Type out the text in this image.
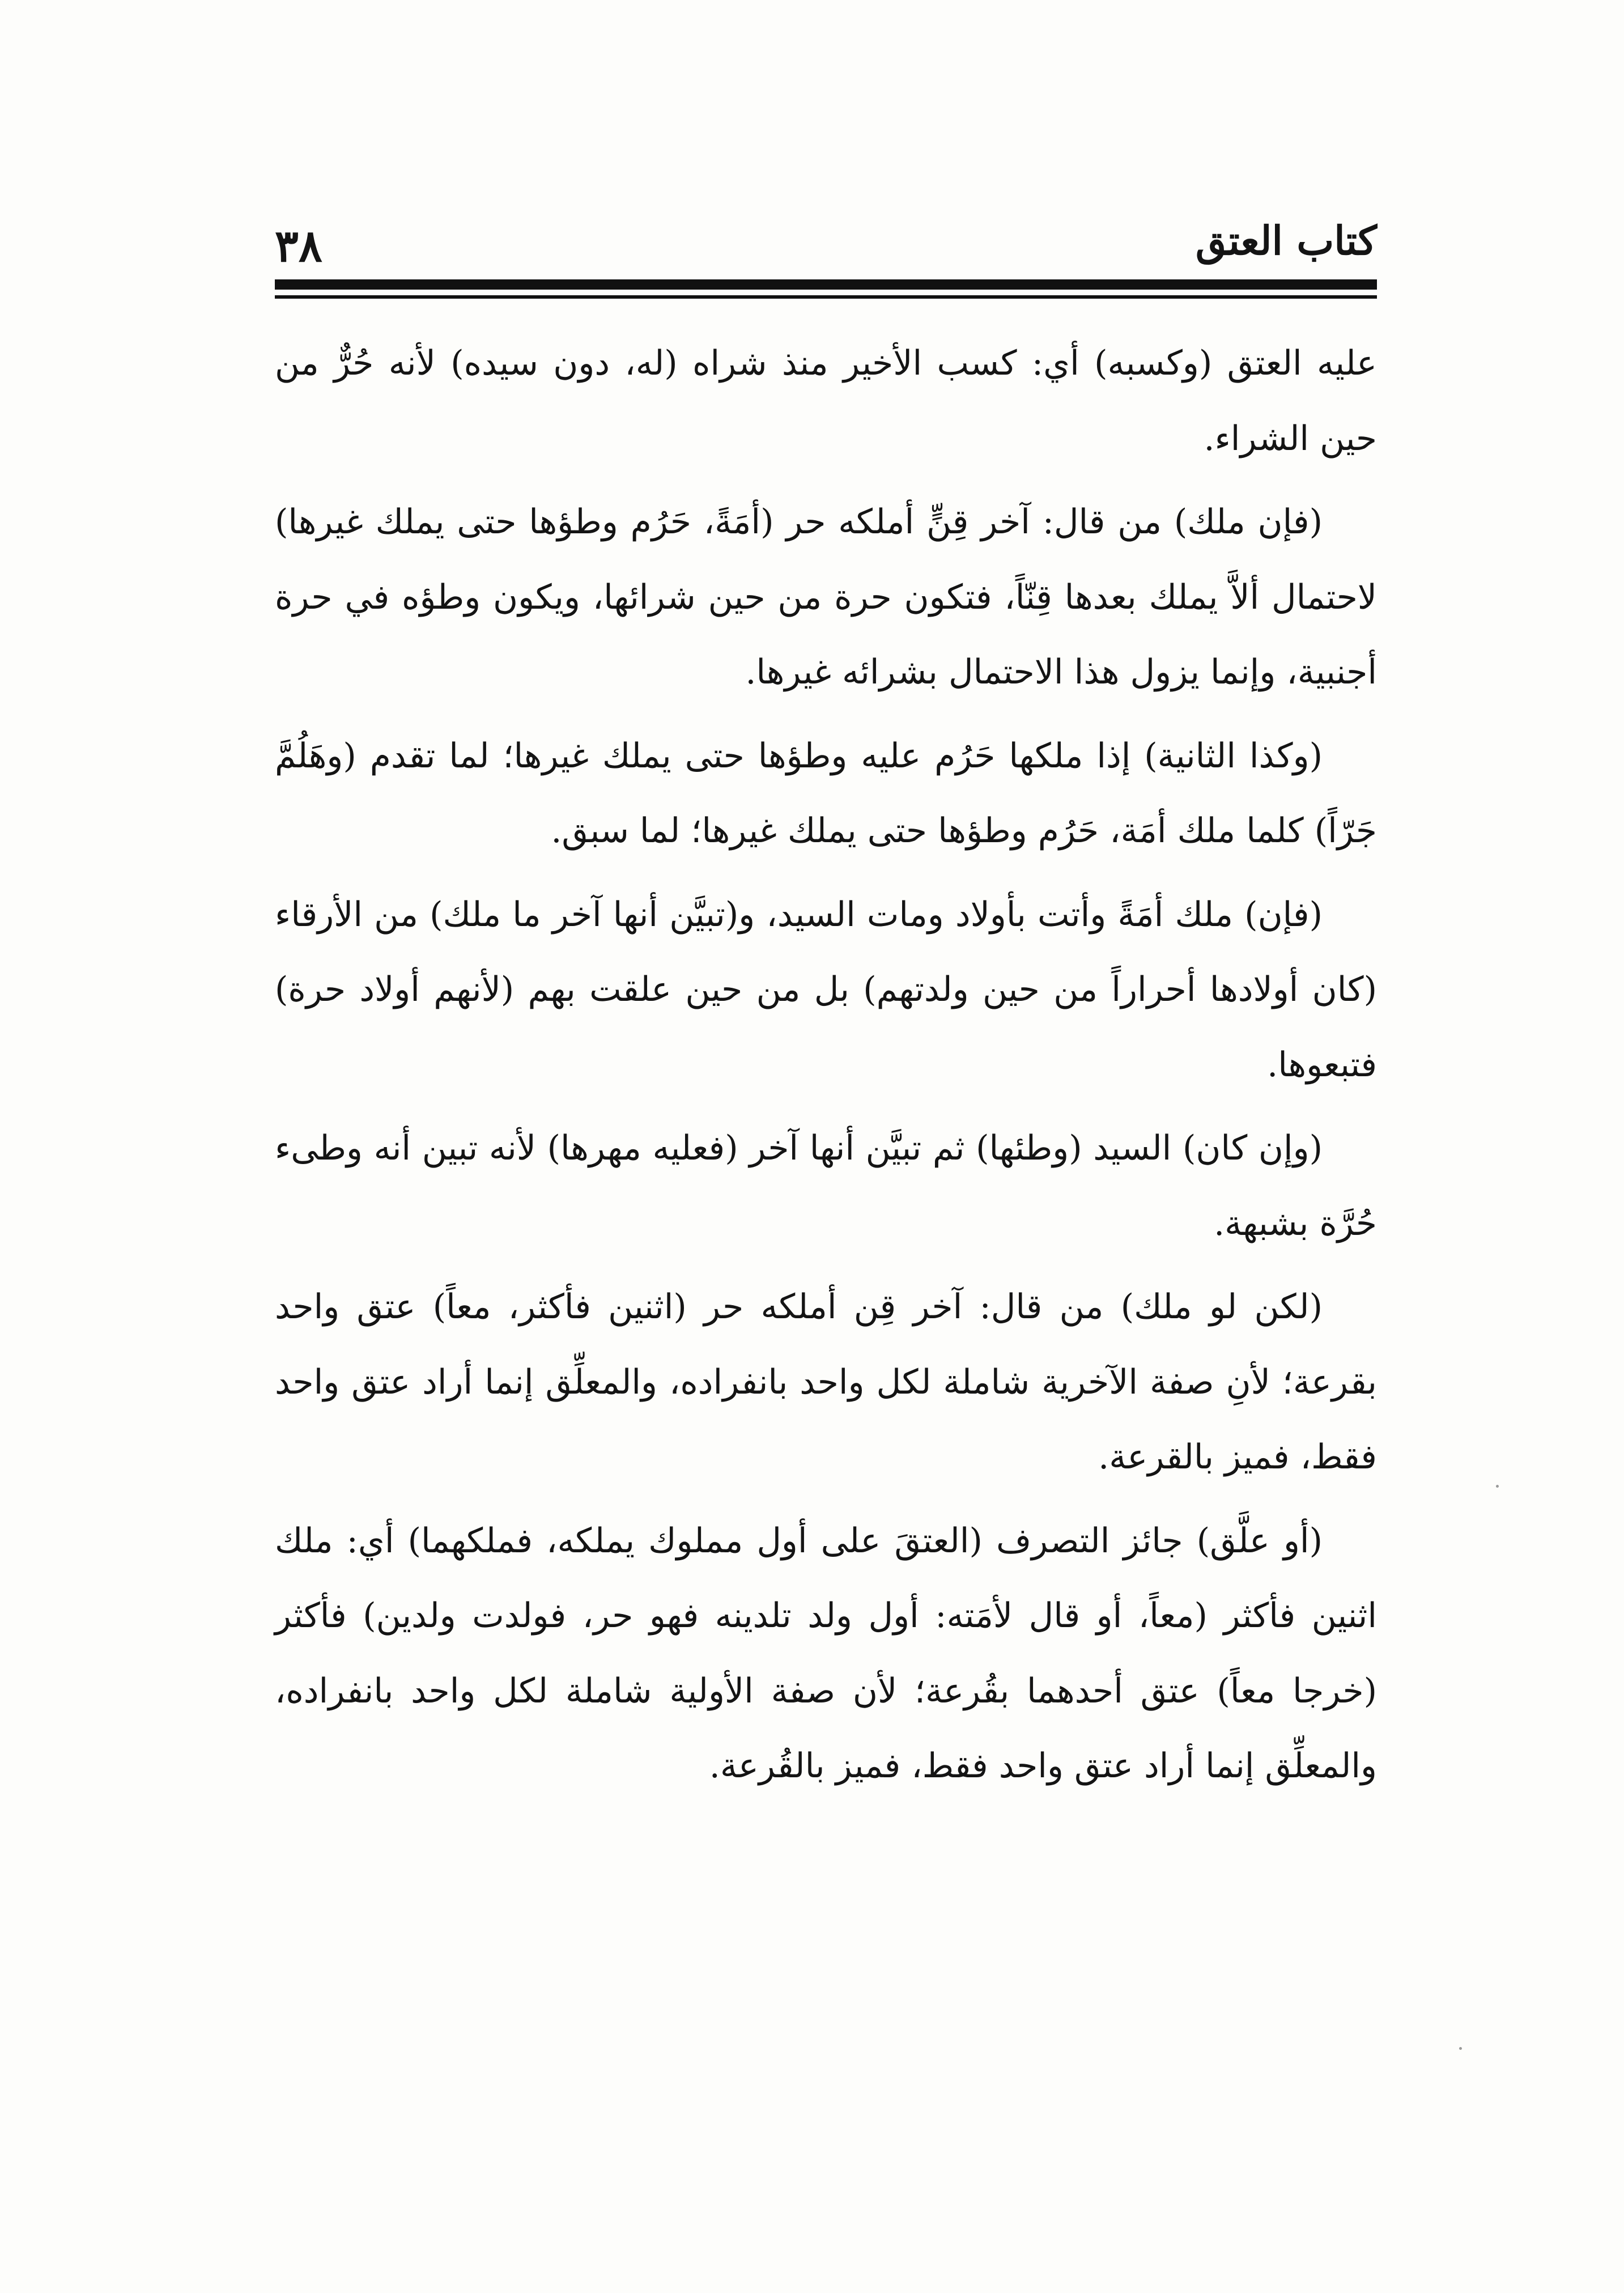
كتاب العتق
٣٨

عليه العتق (وكسبه) أي: كسب الأخير منذ شراه (له، دون سيده) لأنه حُرٌّ من حين الشراء.

(فإن ملك) من قال: آخر قِنٍّ أملكه حر (أمَةً، حَرُم وطؤها حتى يملك غيرها) لاحتمال ألاَّ يملك بعدها قِنّاً، فتكون حرة من حين شرائها، ويكون وطؤه في حرة أجنبية، وإنما يزول هذا الاحتمال بشرائه غيرها.

(وكذا الثانية) إذا ملكها حَرُم عليه وطؤها حتى يملك غيرها؛ لما تقدم (وهَلُمَّ جَرّاً) كلما ملك أمَة، حَرُم وطؤها حتى يملك غيرها؛ لما سبق.

(فإن) ملك أمَةً وأتت بأولاد ومات السيد، و(تبيَّن أنها آخر ما ملك) من الأرقاء (كان أولادها أحراراً من حين ولدتهم) بل من حين علقت بهم (لأنهم أولاد حرة) فتبعوها.

(وإن كان) السيد (وطئها) ثم تبيَّن أنها آخر (فعليه مهرها) لأنه تبين أنه وطىء حُرَّة بشبهة.

(لكن لو ملك) من قال: آخر قِن أملكه حر (اثنين فأكثر، معاً) عتق واحد بقرعة؛ لأنِ صفة الآخرية شاملة لكل واحد بانفراده، والمعلِّق إنما أراد عتق واحد فقط، فميز بالقرعة.

(أو علَّق) جائز التصرف (العتقَ على أول مملوك يملكه، فملكهما) أي: ملك اثنين فأكثر (معاً، أو قال لأمَته: أول ولد تلدينه فهو حر، فولدت ولدين) فأكثر (خرجا معاً) عتق أحدهما بقُرعة؛ لأن صفة الأولية شاملة لكل واحد بانفراده، والمعلِّق إنما أراد عتق واحد فقط، فميز بالقُرعة.
